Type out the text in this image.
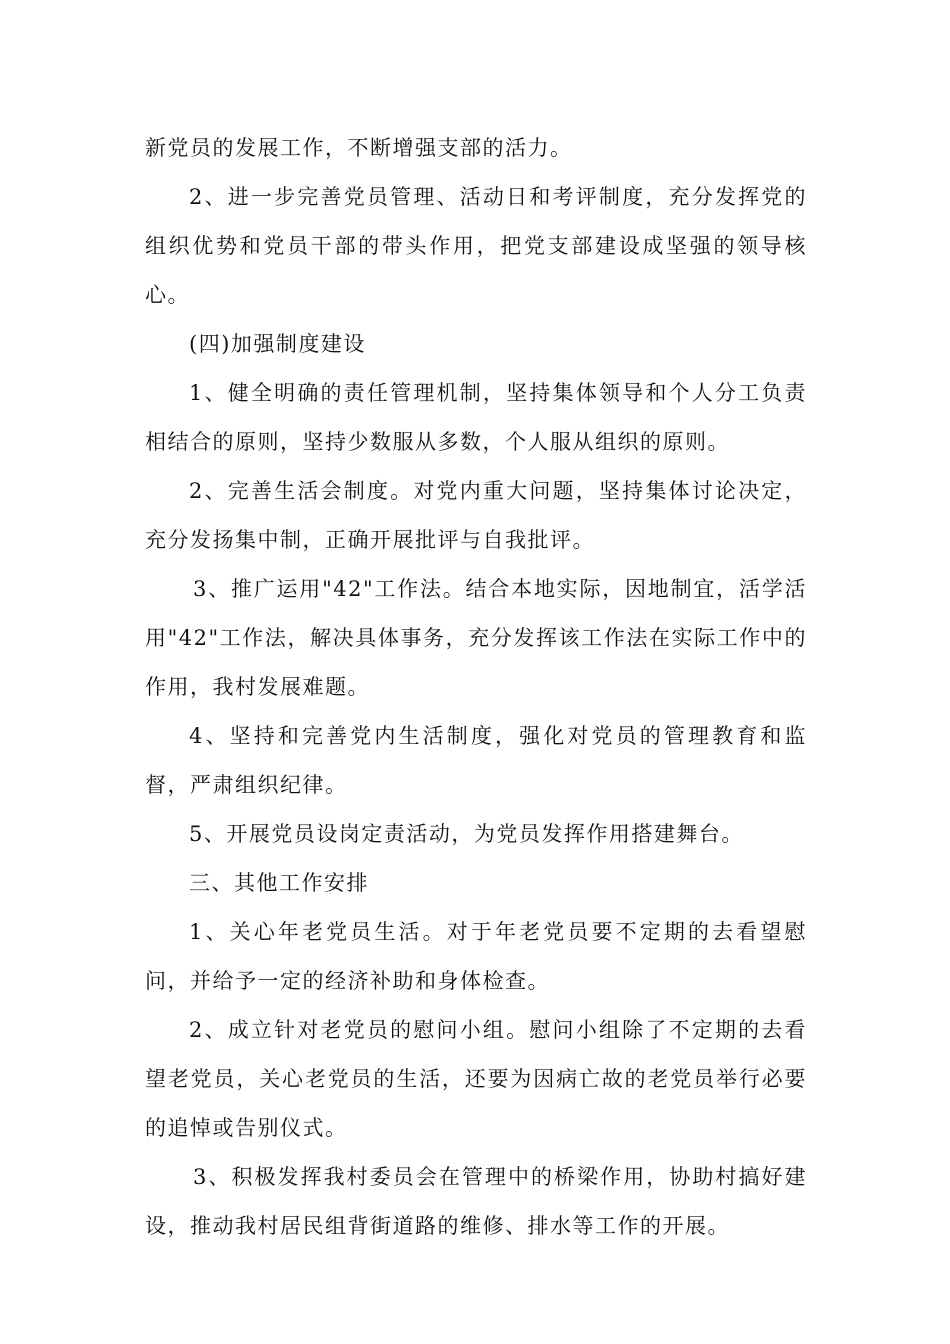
新党员的发展工作，不断增强支部的活力。

2、进一步完善党员管理、活动日和考评制度，充分发挥党的组织优势和党员干部的带头作用，把党支部建设成坚强的领导核心。

(四)加强制度建设

1、健全明确的责任管理机制，坚持集体领导和个人分工负责相结合的原则，坚持少数服从多数，个人服从组织的原则。

2、完善生活会制度。对党内重大问题，坚持集体讨论决定，充分发扬集中制，正确开展批评与自我批评。

3、推广运用"42"工作法。结合本地实际，因地制宜，活学活用"42"工作法，解决具体事务，充分发挥该工作法在实际工作中的作用，我村发展难题。

4、坚持和完善党内生活制度，强化对党员的管理教育和监督，严肃组织纪律。

5、开展党员设岗定责活动，为党员发挥作用搭建舞台。

三、其他工作安排

1、关心年老党员生活。对于年老党员要不定期的去看望慰问，并给予一定的经济补助和身体检查。

2、成立针对老党员的慰问小组。慰问小组除了不定期的去看望老党员，关心老党员的生活，还要为因病亡故的老党员举行必要的追悼或告别仪式。

3、积极发挥我村委员会在管理中的桥梁作用，协助村搞好建设，推动我村居民组背街道路的维修、排水等工作的开展。
